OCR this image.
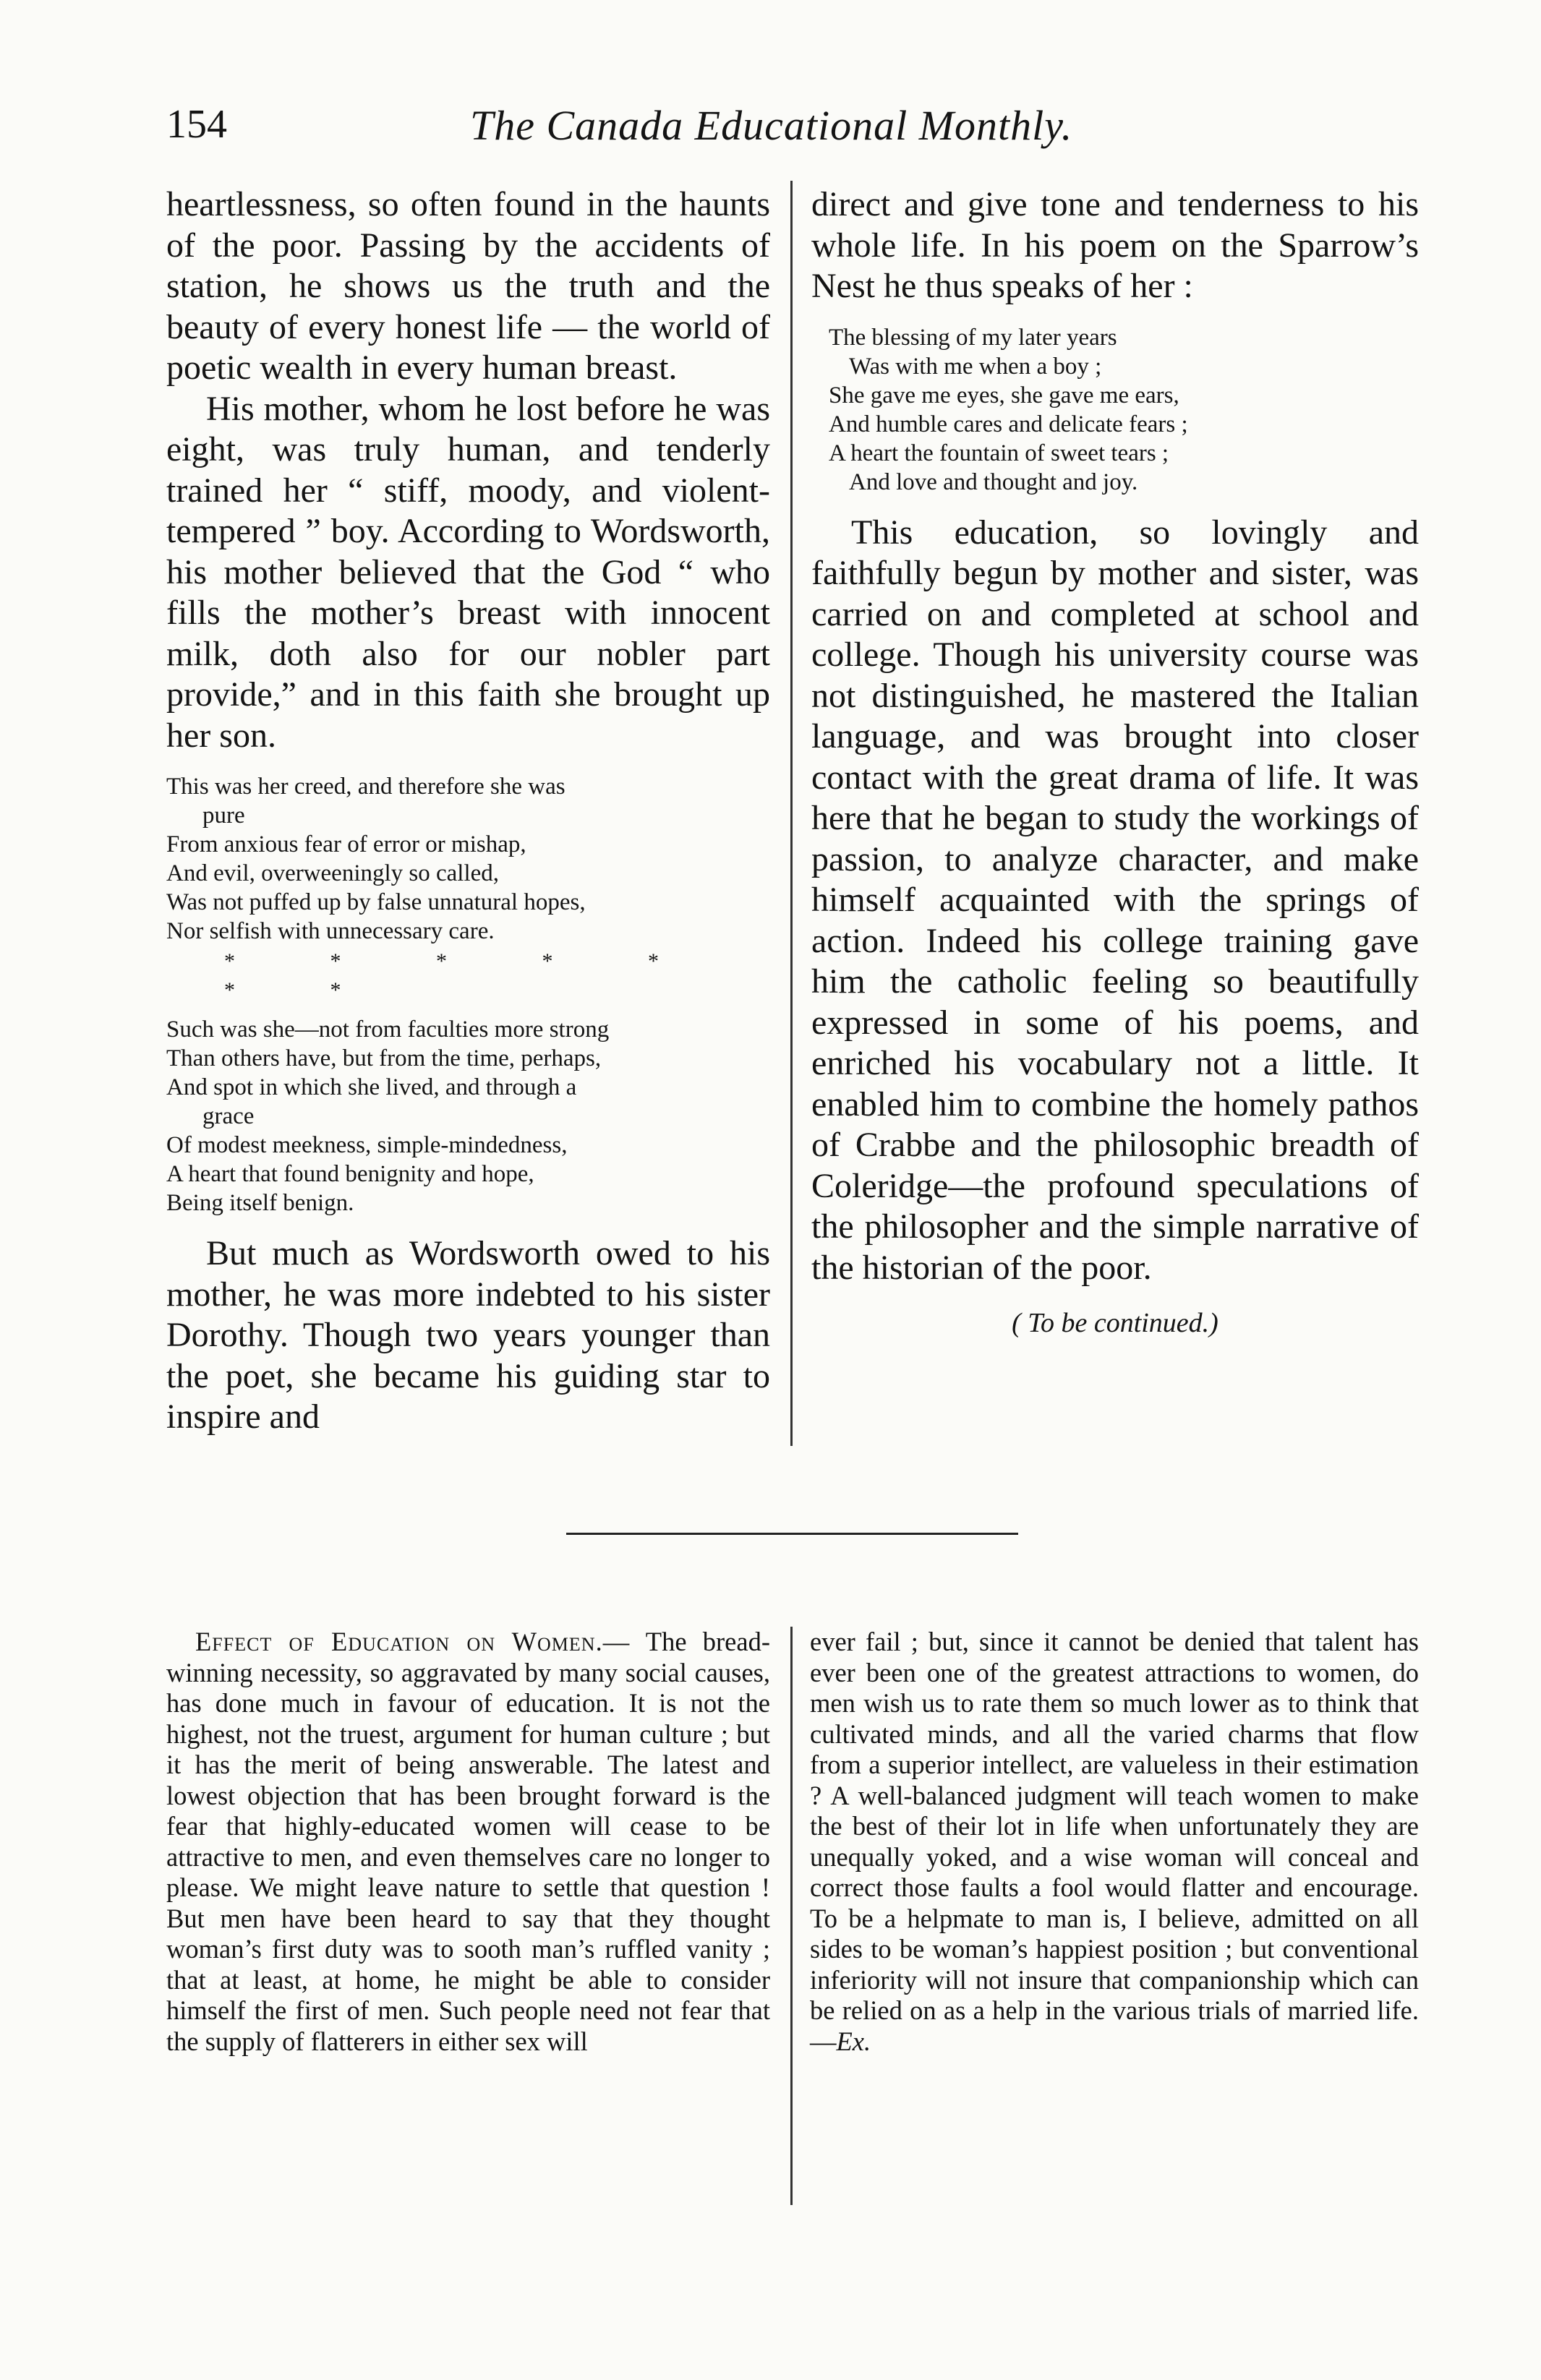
154	The Canada Educational Monthly.

heartlessness, so often found in the haunts of the poor. Passing by the accidents of station, he shows us the truth and the beauty of every honest life — the world of poetic wealth in every human breast.

His mother, whom he lost before he was eight, was truly human, and tenderly trained her “ stiff, moody, and violent-tempered ” boy. According to Wordsworth, his mother believed that the God “ who fills the mother’s breast with innocent milk, doth also for our nobler part provide,” and in this faith she brought up her son.

This was her creed, and therefore she was
pure
From anxious fear of error or mishap,
And evil, overweeningly so called,
Was not puffed up by false unnatural hopes,
Nor selfish with unnecessary care.
* * * * * * *
Such was she—not from faculties more strong
Than others have, but from the time, perhaps,
And spot in which she lived, and through a
grace
Of modest meekness, simple-mindedness,
A heart that found benignity and hope,
Being itself benign.

But much as Wordsworth owed to his mother, he was more indebted to his sister Dorothy. Though two years younger than the poet, she became his guiding star to inspire and

direct and give tone and tenderness to his whole life. In his poem on the Sparrow’s Nest he thus speaks of her :

The blessing of my later years
Was with me when a boy ;
She gave me eyes, she gave me ears,
And humble cares and delicate fears ;
A heart the fountain of sweet tears ;
And love and thought and joy.

This education, so lovingly and faithfully begun by mother and sister, was carried on and completed at school and college. Though his university course was not distinguished, he mastered the Italian language, and was brought into closer contact with the great drama of life. It was here that he began to study the workings of passion, to analyze character, and make himself acquainted with the springs of action. Indeed his college training gave him the catholic feeling so beautifully expressed in some of his poems, and enriched his vocabulary not a little. It enabled him to combine the homely pathos of Crabbe and the philosophic breadth of Coleridge—the profound speculations of the philosopher and the simple narrative of the historian of the poor.

( To be continued.)

Effect of Education on Women.— The bread-winning necessity, so aggravated by many social causes, has done much in favour of education. It is not the highest, not the truest, argument for human culture ; but it has the merit of being answerable. The latest and lowest objection that has been brought forward is the fear that highly-educated women will cease to be attractive to men, and even themselves care no longer to please. We might leave nature to settle that question ! But men have been heard to say that they thought woman’s first duty was to sooth man’s ruffled vanity ; that at least, at home, he might be able to consider himself the first of men. Such people need not fear that the supply of flatterers in either sex will

ever fail ; but, since it cannot be denied that talent has ever been one of the greatest attractions to women, do men wish us to rate them so much lower as to think that cultivated minds, and all the varied charms that flow from a superior intellect, are valueless in their estimation ? A well-balanced judgment will teach women to make the best of their lot in life when unfortunately they are unequally yoked, and a wise woman will conceal and correct those faults a fool would flatter and encourage. To be a helpmate to man is, I believe, admitted on all sides to be woman’s happiest position ; but conventional inferiority will not insure that companionship which can be relied on as a help in the various trials of married life.—Ex.
